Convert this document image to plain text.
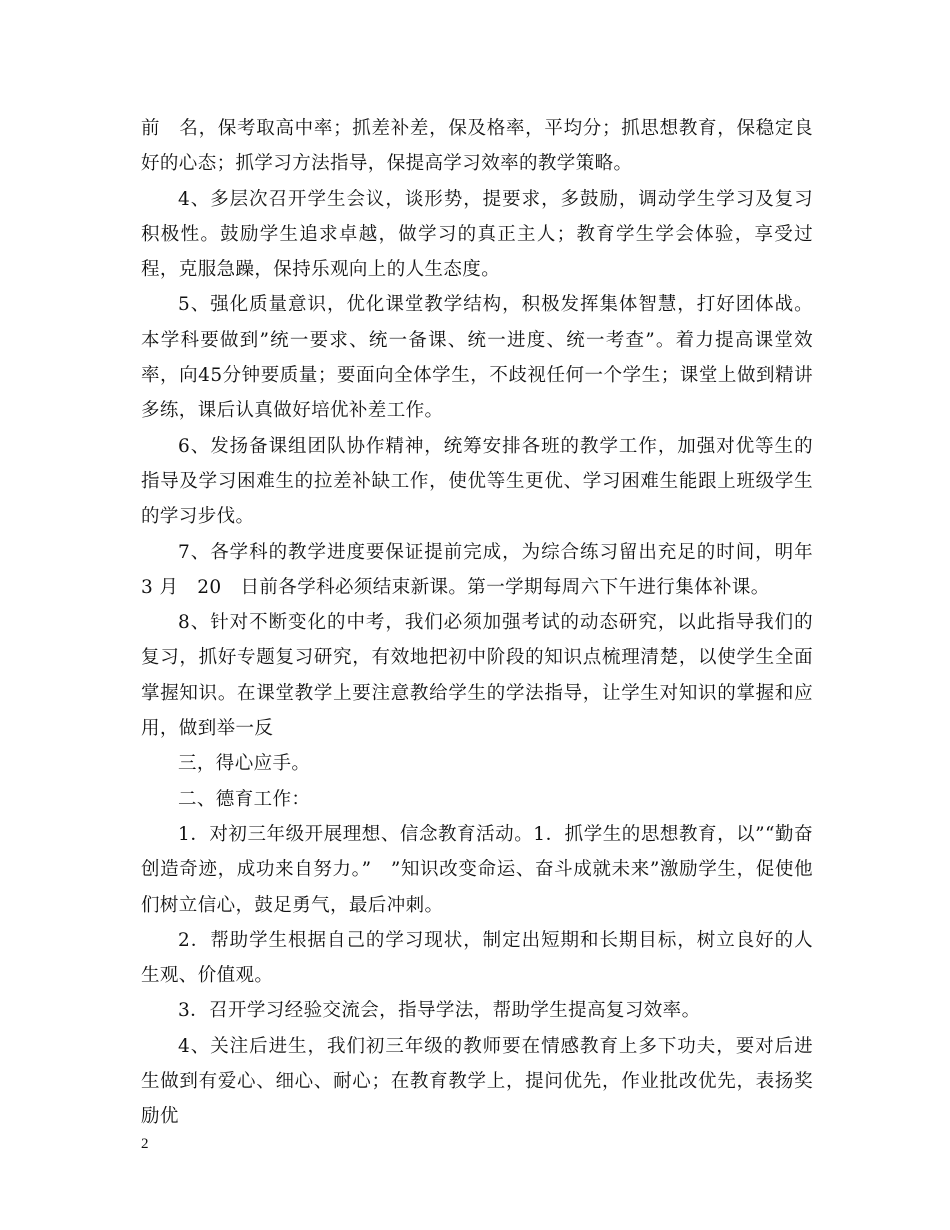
前　名，保考取高中率；抓差补差，保及格率，平均分；抓思想教育，保稳定良好的心态；抓学习方法指导，保提高学习效率的教学策略。

4、多层次召开学生会议，谈形势，提要求，多鼓励，调动学生学习及复习积极性。鼓励学生追求卓越，做学习的真正主人；教育学生学会体验，享受过程，克服急躁，保持乐观向上的人生态度。

5、强化质量意识，优化课堂教学结构，积极发挥集体智慧，打好团体战。本学科要做到”统一要求、统一备课、统一进度、统一考查”。着力提高课堂效率，向45分钟要质量；要面向全体学生，不歧视任何一个学生；课堂上做到精讲多练，课后认真做好培优补差工作。

6、发扬备课组团队协作精神，统筹安排各班的教学工作，加强对优等生的指导及学习困难生的拉差补缺工作，使优等生更优、学习困难生能跟上班级学生的学习步伐。

7、各学科的教学进度要保证提前完成，为综合练习留出充足的时间，明年　3 月　20　日前各学科必须结束新课。第一学期每周六下午进行集体补课。

8、针对不断变化的中考，我们必须加强考试的动态研究，以此指导我们的复习，抓好专题复习研究，有效地把初中阶段的知识点梳理清楚，以使学生全面掌握知识。在课堂教学上要注意教给学生的学法指导，让学生对知识的掌握和应用，做到举一反

三，得心应手。

二、德育工作：

1．对初三年级开展理想、信念教育活动。1．抓学生的思想教育，以”“勤奋创造奇迹，成功来自努力。”　”知识改变命运、奋斗成就未来”激励学生，促使他们树立信心，鼓足勇气，最后冲刺。

2．帮助学生根据自己的学习现状，制定出短期和长期目标，树立良好的人生观、价值观。

3．召开学习经验交流会，指导学法，帮助学生提高复习效率。

4、关注后进生，我们初三年级的教师要在情感教育上多下功夫，要对后进生做到有爱心、细心、耐心；在教育教学上，提问优先，作业批改优先，表扬奖励优

2
